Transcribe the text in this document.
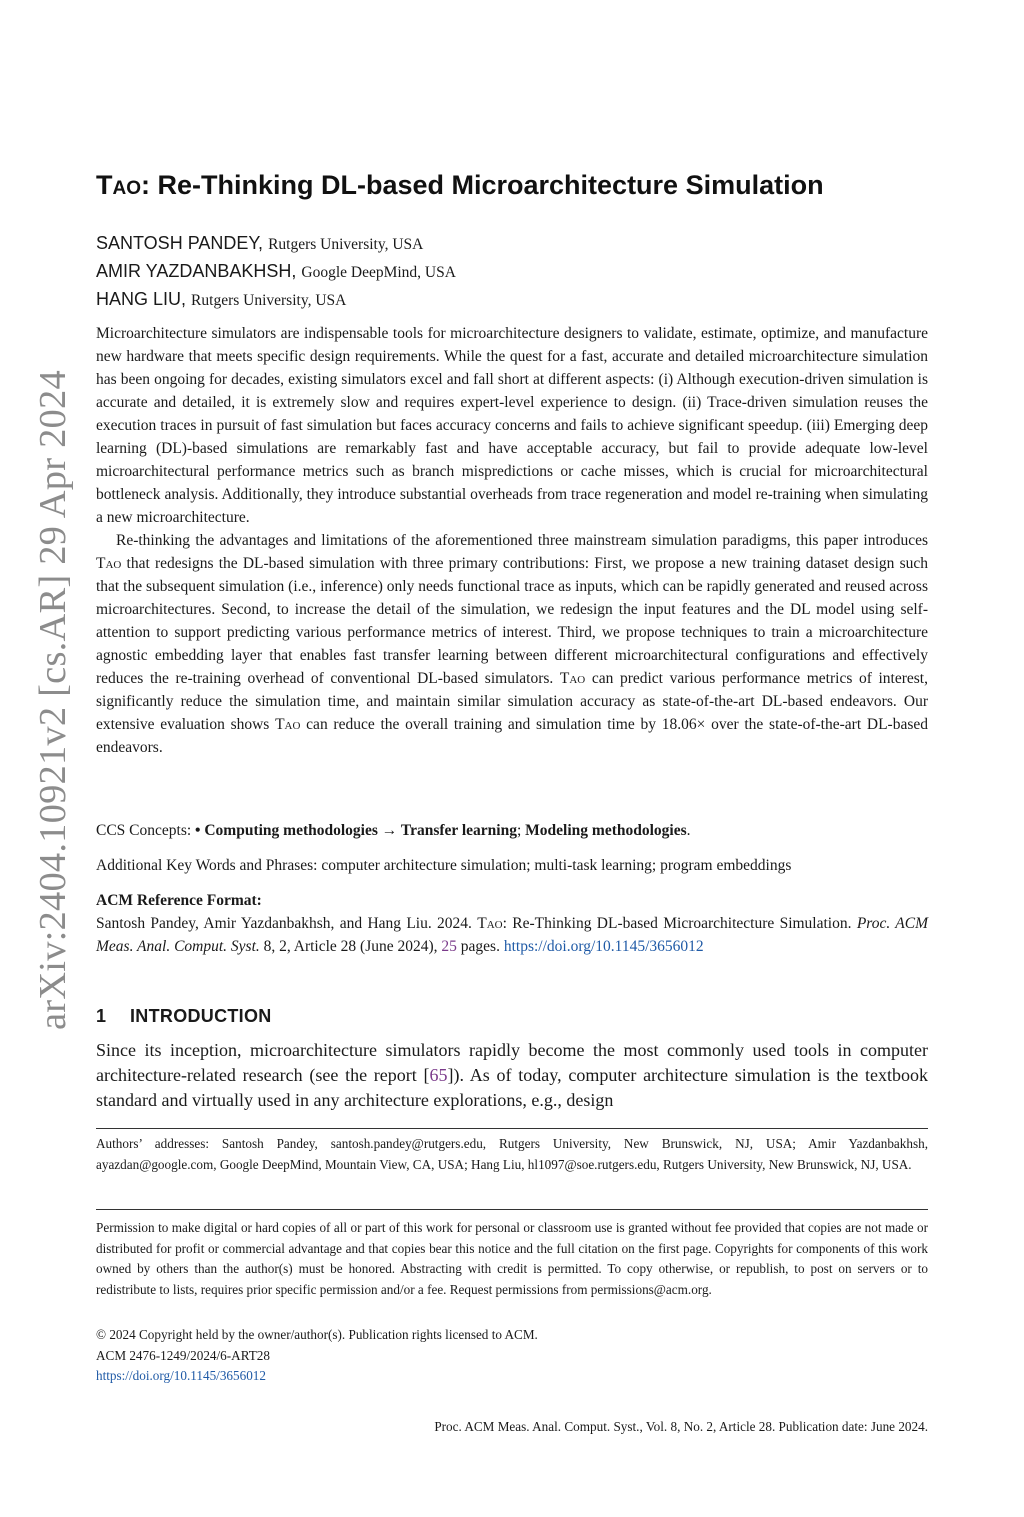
arXiv:2404.10921v2 [cs.AR] 29 Apr 2024
Tao: Re-Thinking DL-based Microarchitecture Simulation
SANTOSH PANDEY, Rutgers University, USA
AMIR YAZDANBAKHSH, Google DeepMind, USA
HANG LIU, Rutgers University, USA

Microarchitecture simulators are indispensable tools for microarchitecture designers to validate, estimate, optimize, and manufacture new hardware that meets specific design requirements. While the quest for a fast, accurate and detailed microarchitecture simulation has been ongoing for decades, existing simulators excel and fall short at different aspects: (i) Although execution-driven simulation is accurate and detailed, it is extremely slow and requires expert-level experience to design. (ii) Trace-driven simulation reuses the execution traces in pursuit of fast simulation but faces accuracy concerns and fails to achieve significant speedup. (iii) Emerging deep learning (DL)-based simulations are remarkably fast and have acceptable accuracy, but fail to provide adequate low-level microarchitectural performance metrics such as branch mispredictions or cache misses, which is crucial for microarchitectural bottleneck analysis. Additionally, they introduce substantial overheads from trace regeneration and model re-training when simulating a new microarchitecture.

Re-thinking the advantages and limitations of the aforementioned three mainstream simulation paradigms, this paper introduces Tao that redesigns the DL-based simulation with three primary contributions: First, we propose a new training dataset design such that the subsequent simulation (i.e., inference) only needs functional trace as inputs, which can be rapidly generated and reused across microarchitectures. Second, to increase the detail of the simulation, we redesign the input features and the DL model using self-attention to support predicting various performance metrics of interest. Third, we propose techniques to train a microarchitecture agnostic embedding layer that enables fast transfer learning between different microarchitectural configurations and effectively reduces the re-training overhead of conventional DL-based simulators. Tao can predict various performance metrics of interest, significantly reduce the simulation time, and maintain similar simulation accuracy as state-of-the-art DL-based endeavors. Our extensive evaluation shows Tao can reduce the overall training and simulation time by 18.06× over the state-of-the-art DL-based endeavors.

CCS Concepts: • Computing methodologies → Transfer learning; Modeling methodologies.
Additional Key Words and Phrases: computer architecture simulation; multi-task learning; program embeddings
ACM Reference Format:
Santosh Pandey, Amir Yazdanbakhsh, and Hang Liu. 2024. Tao: Re-Thinking DL-based Microarchitecture Simulation. Proc. ACM Meas. Anal. Comput. Syst. 8, 2, Article 28 (June 2024), 25 pages. https://doi.org/10.1145/3656012
1 INTRODUCTION
Since its inception, microarchitecture simulators rapidly become the most commonly used tools in computer architecture-related research (see the report [65]). As of today, computer architecture simulation is the textbook standard and virtually used in any architecture explorations, e.g., design
Authors’ addresses: Santosh Pandey, santosh.pandey@rutgers.edu, Rutgers University, New Brunswick, NJ, USA; Amir Yazdanbakhsh, ayazdan@google.com, Google DeepMind, Mountain View, CA, USA; Hang Liu, hl1097@soe.rutgers.edu, Rutgers University, New Brunswick, NJ, USA.
Permission to make digital or hard copies of all or part of this work for personal or classroom use is granted without fee provided that copies are not made or distributed for profit or commercial advantage and that copies bear this notice and the full citation on the first page. Copyrights for components of this work owned by others than the author(s) must be honored. Abstracting with credit is permitted. To copy otherwise, or republish, to post on servers or to redistribute to lists, requires prior specific permission and/or a fee. Request permissions from permissions@acm.org.
© 2024 Copyright held by the owner/author(s). Publication rights licensed to ACM.
ACM 2476-1249/2024/6-ART28
https://doi.org/10.1145/3656012
Proc. ACM Meas. Anal. Comput. Syst., Vol. 8, No. 2, Article 28. Publication date: June 2024.
